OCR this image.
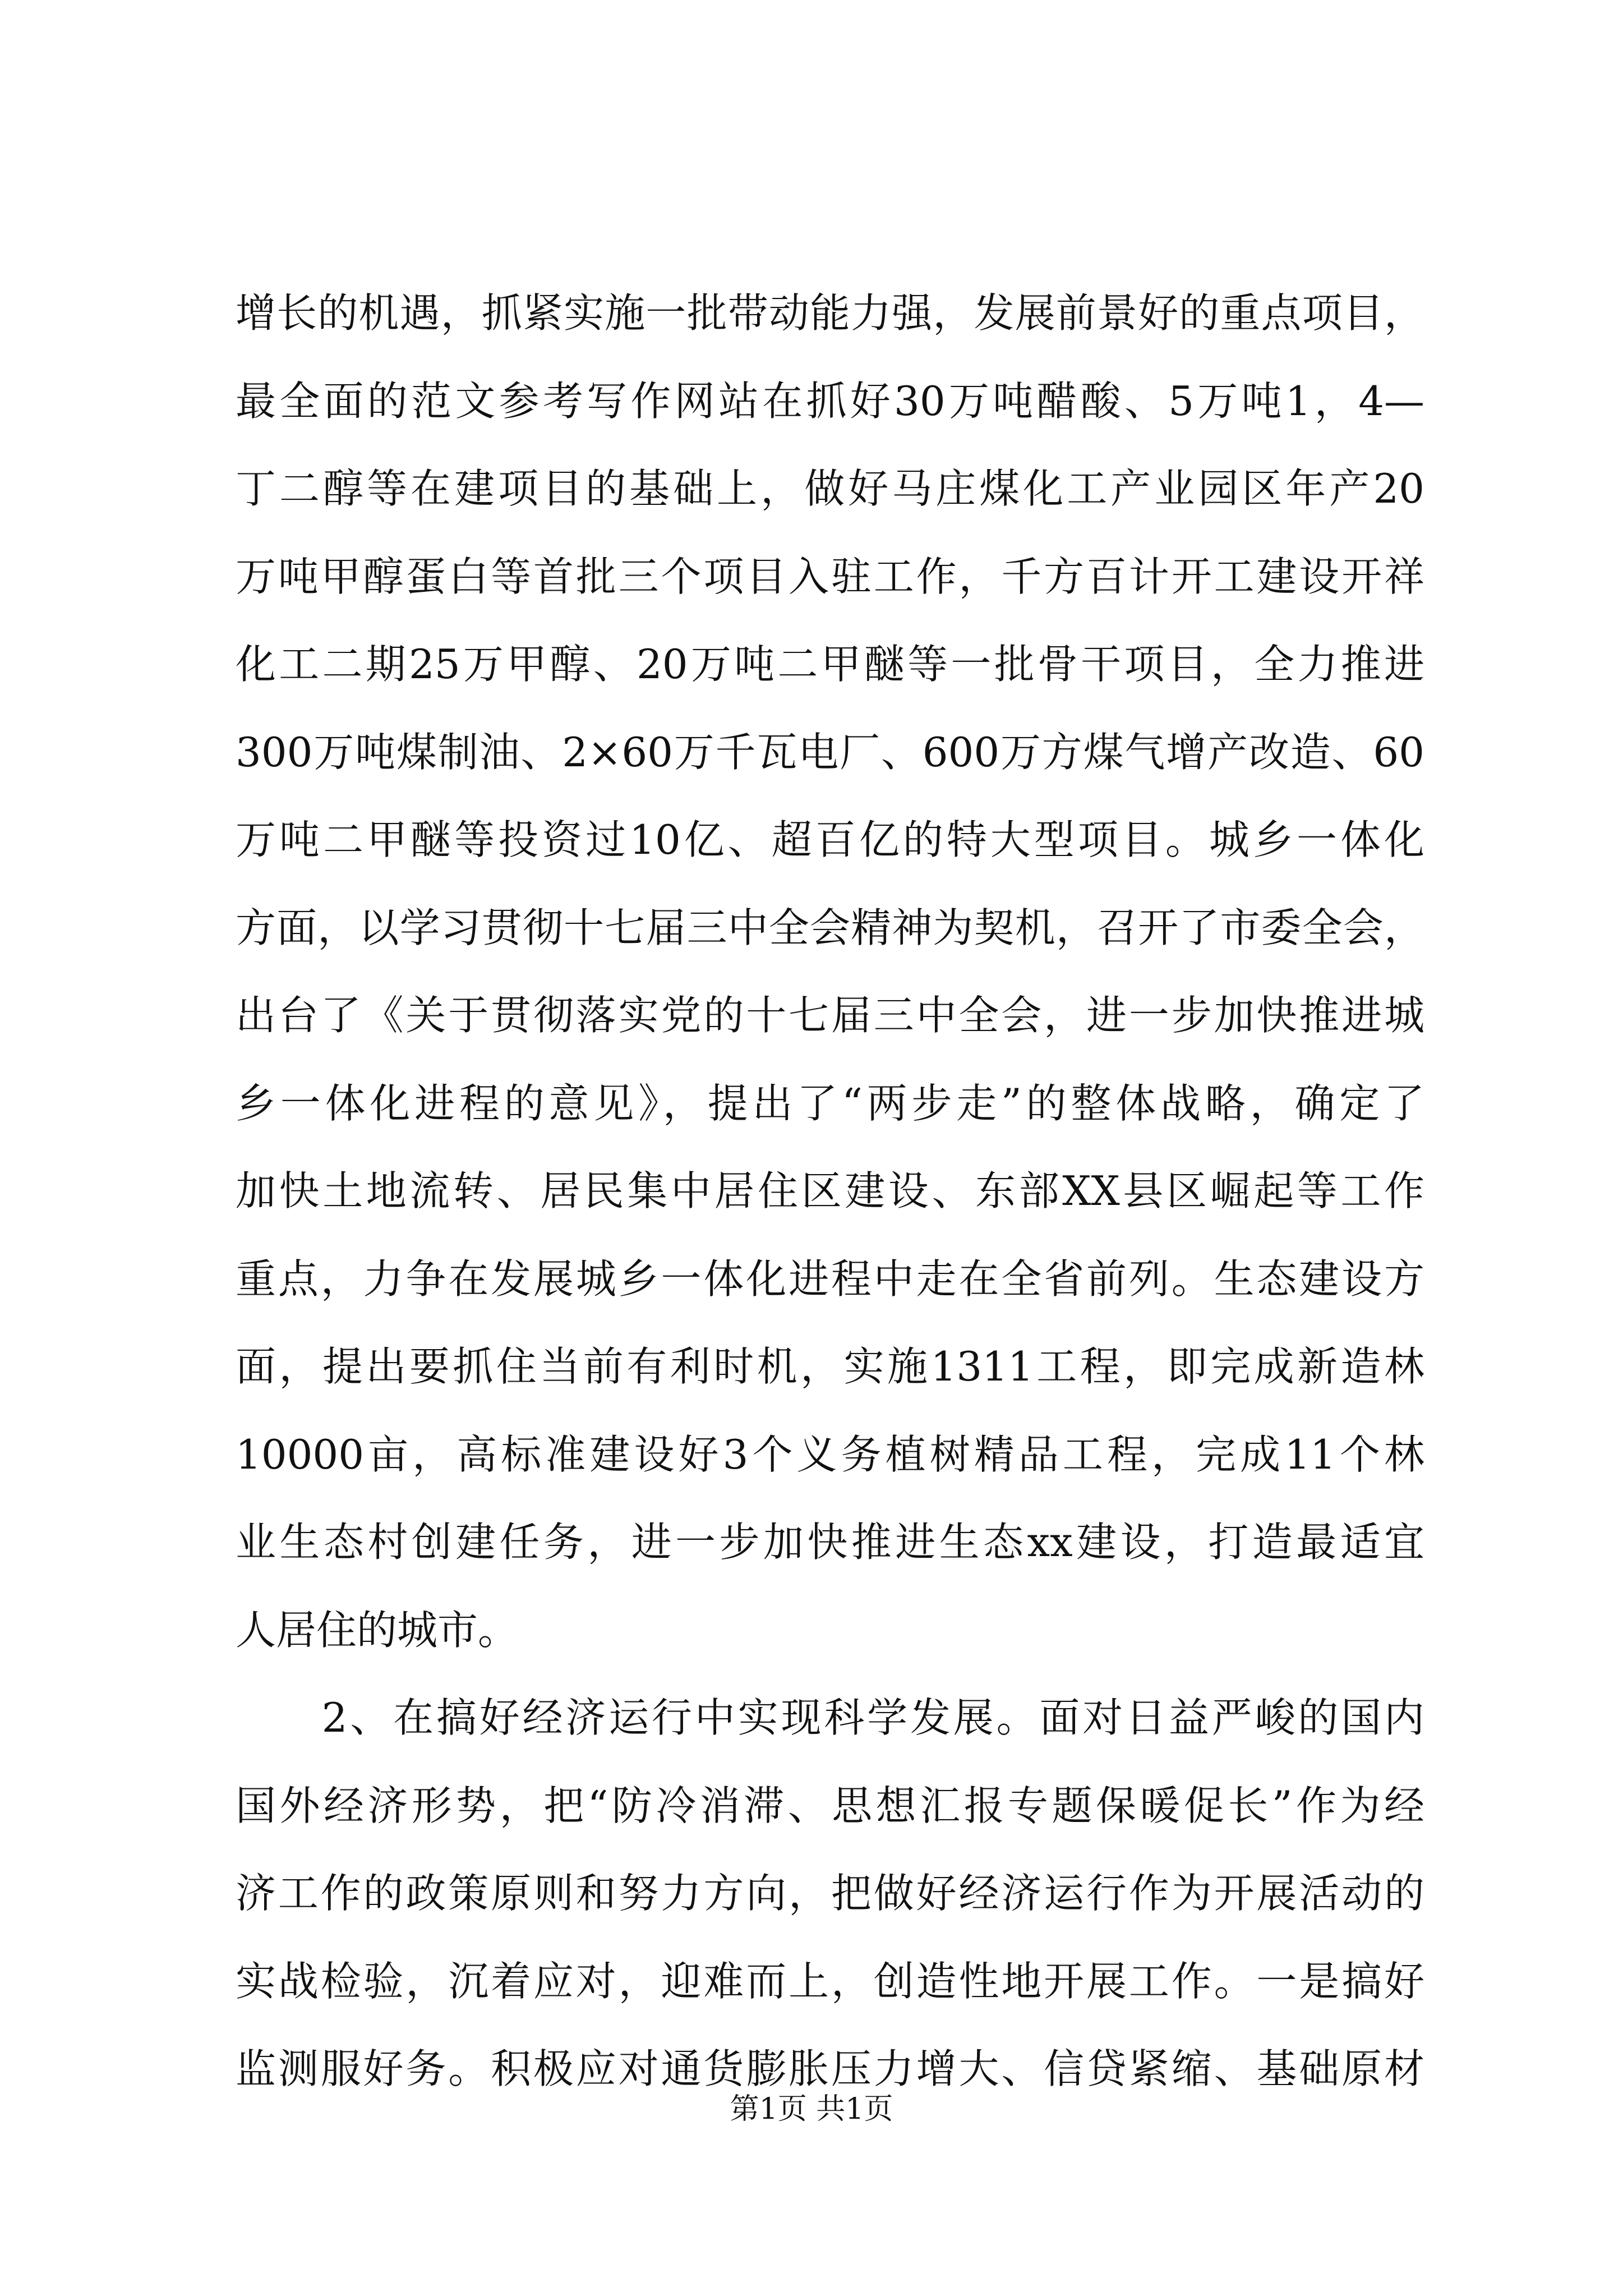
增长的机遇，抓紧实施一批带动能力强，发展前景好的重点项目，
最全面的范文参考写作网站在抓好30万吨醋酸、5万吨1，4—
丁二醇等在建项目的基础上，做好马庄煤化工产业园区年产20
万吨甲醇蛋白等首批三个项目入驻工作，千方百计开工建设开祥
化工二期25万甲醇、20万吨二甲醚等一批骨干项目，全力推进
300万吨煤制油、2×60万千瓦电厂、600万方煤气增产改造、60
万吨二甲醚等投资过10亿、超百亿的特大型项目。城乡一体化
方面，以学习贯彻十七届三中全会精神为契机，召开了市委全会，
出台了《关于贯彻落实党的十七届三中全会，进一步加快推进城
乡一体化进程的意见》，提出了“两步走”的整体战略，确定了
加快土地流转、居民集中居住区建设、东部XX县区崛起等工作
重点，力争在发展城乡一体化进程中走在全省前列。生态建设方
面，提出要抓住当前有利时机，实施1311工程，即完成新造林
10000亩，高标准建设好3个义务植树精品工程，完成11个林
业生态村创建任务，进一步加快推进生态xx建设，打造最适宜
人居住的城市。
　　2、在搞好经济运行中实现科学发展。面对日益严峻的国内
国外经济形势，把“防冷消滞、思想汇报专题保暖促长”作为经
济工作的政策原则和努力方向，把做好经济运行作为开展活动的
实战检验，沉着应对，迎难而上，创造性地开展工作。一是搞好
监测服好务。积极应对通货膨胀压力增大、信贷紧缩、基础原材
第1页 共1页
